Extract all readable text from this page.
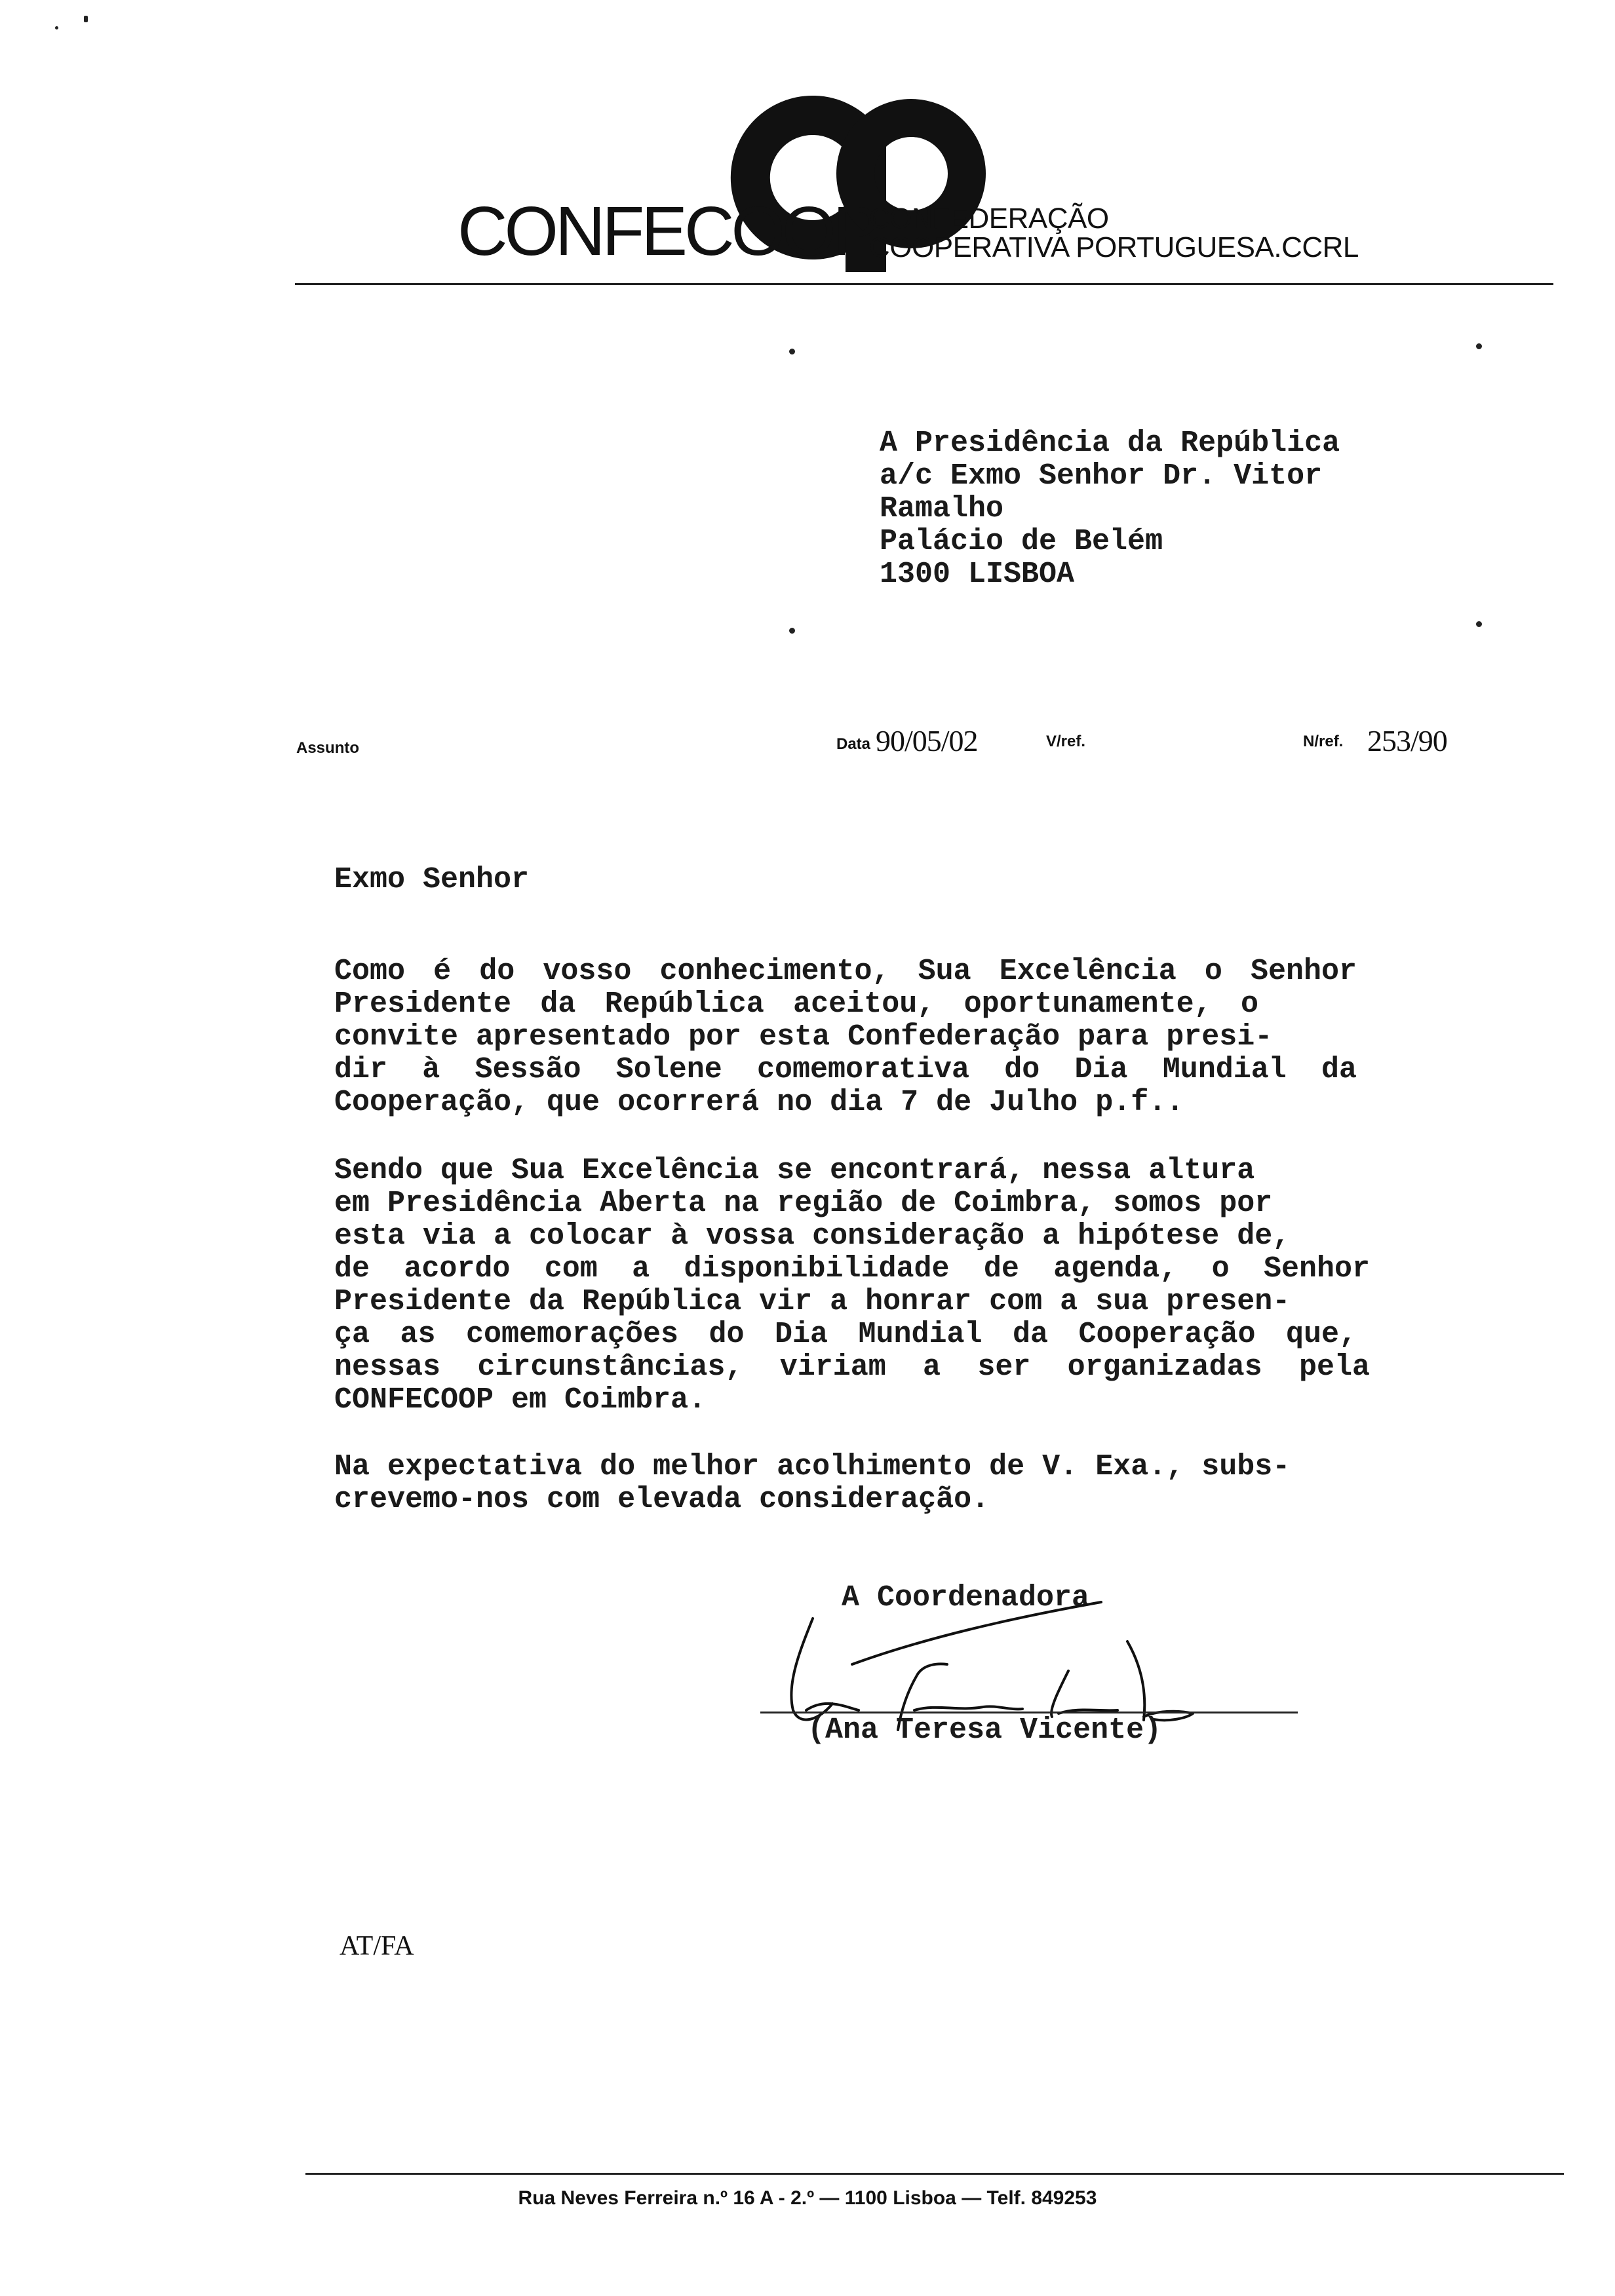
CONFECOOP
CONFEDERAÇÃO
COOPERATIVA PORTUGUESA.CCRL
A Presidência da República
a/c Exmo Senhor Dr. Vitor
Ramalho
Palácio de Belém
1300 LISBOA
Assunto	Data 90/05/02	V/ref.	N/ref. 253/90
Exmo Senhor
Como é do vosso conhecimento, Sua Excelência o Senhor
Presidente da República aceitou, oportunamente, o
convite apresentado por esta Confederação para presi-
dir à Sessão Solene comemorativa do Dia Mundial da
Cooperação, que ocorrerá no dia 7 de Julho p.f..
Sendo que Sua Excelência se encontrará, nessa altura
em Presidência Aberta na região de Coimbra, somos por
esta via a colocar à vossa consideração a hipótese de,
de acordo com a disponibilidade de agenda, o Senhor
Presidente da República vir a honrar com a sua presen-
ça as comemorações do Dia Mundial da Cooperação que,
nessas circunstâncias, viriam a ser organizadas pela
CONFECOOP em Coimbra.
Na expectativa do melhor acolhimento de V. Exa., subs-
crevemo-nos com elevada consideração.
A Coordenadora
(Ana Teresa Vicente)
AT/FA
Rua Neves Ferreira n.º 16 A - 2.º — 1100 Lisboa — Telf. 849253
